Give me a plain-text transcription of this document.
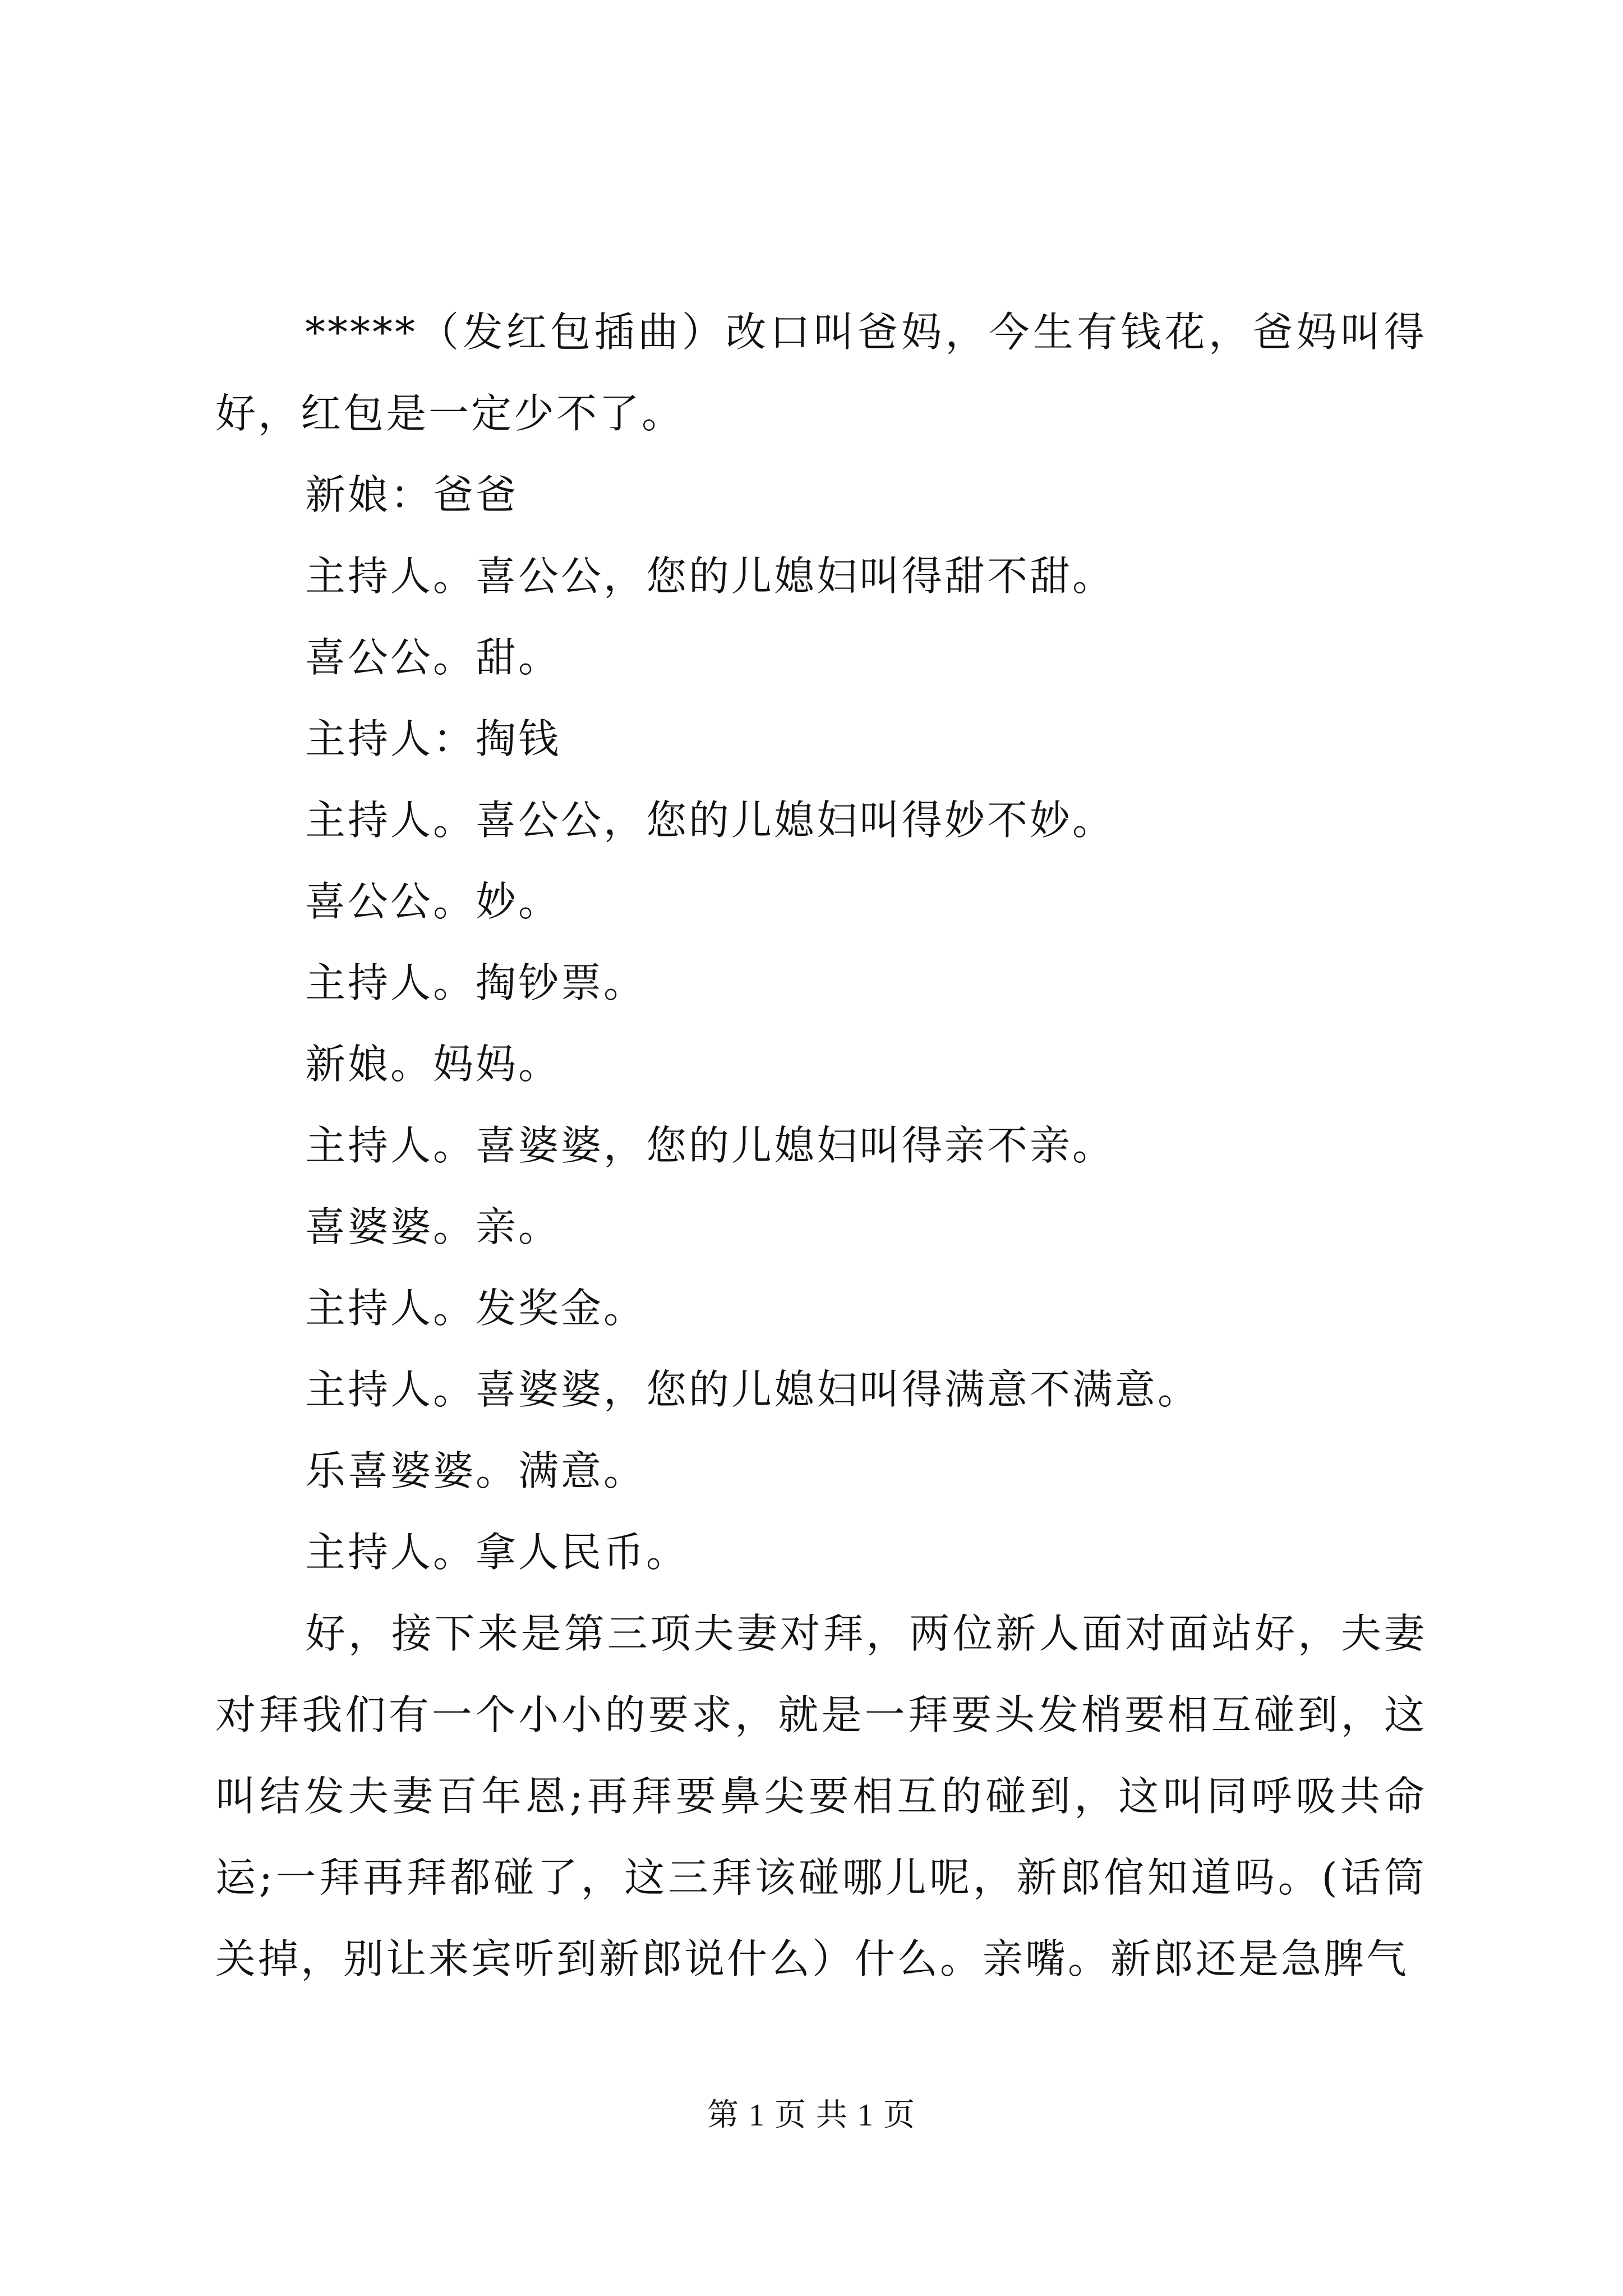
*****（发红包插曲）改口叫爸妈，今生有钱花，爸妈叫得好，红包是一定少不了。

新娘：爸爸

主持人。喜公公，您的儿媳妇叫得甜不甜。

喜公公。甜。

主持人：掏钱

主持人。喜公公，您的儿媳妇叫得妙不妙。

喜公公。妙。

主持人。掏钞票。

新娘。妈妈。

主持人。喜婆婆，您的儿媳妇叫得亲不亲。

喜婆婆。亲。

主持人。发奖金。

主持人。喜婆婆，您的儿媳妇叫得满意不满意。

乐喜婆婆。满意。

主持人。拿人民币。

好，接下来是第三项夫妻对拜，两位新人面对面站好，夫妻对拜我们有一个小小的要求，就是一拜要头发梢要相互碰到，这叫结发夫妻百年恩;再拜要鼻尖要相互的碰到，这叫同呼吸共命运;一拜再拜都碰了，这三拜该碰哪儿呢，新郎倌知道吗。(话筒关掉，别让来宾听到新郎说什么）什么。亲嘴。新郎还是急脾气

第 1 页 共 1 页
